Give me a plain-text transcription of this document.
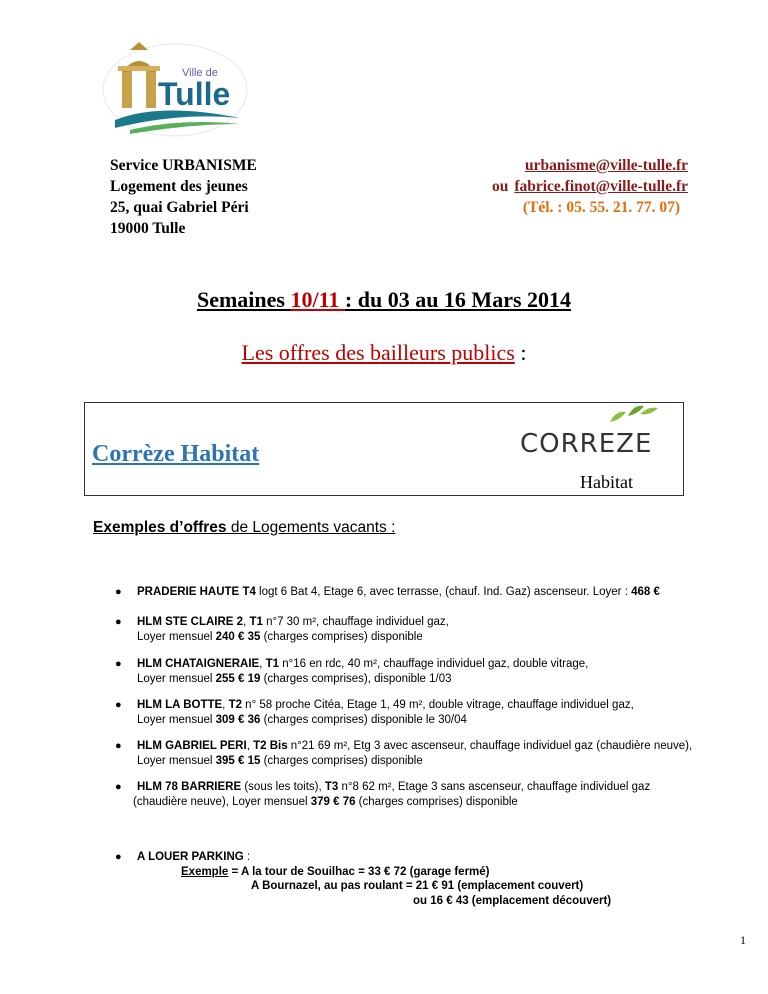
Ville de
Tulle
Service URBANISME
Logement des jeunes
25, quai Gabriel Péri
19000 Tulle
urbanisme@ville-tulle.fr
ou fabrice.finot@ville-tulle.fr
(Tél. : 05. 55. 21. 77. 07)
Semaines 10/11 : du 03 au 16 Mars 2014
Les offres des bailleurs publics :
Corrèze Habitat	CORREZE
Habitat
Exemples d’offres de Logements vacants :
● PRADERIE HAUTE T4 logt 6 Bat 4, Etage 6, avec terrasse, (chauf. Ind. Gaz) ascenseur. Loyer : 468 €
● HLM STE CLAIRE 2, T1 n°7 30 m², chauffage individuel gaz,
Loyer mensuel 240 € 35 (charges comprises) disponible
● HLM CHATAIGNERAIE, T1 n°16 en rdc, 40 m², chauffage individuel gaz, double vitrage,
Loyer mensuel 255 € 19 (charges comprises), disponible 1/03
● HLM LA BOTTE, T2 n° 58 proche Citéa, Etage 1, 49 m², double vitrage, chauffage individuel gaz,
Loyer mensuel 309 € 36 (charges comprises) disponible le 30/04
● HLM GABRIEL PERI, T2 Bis n°21 69 m², Etg 3 avec ascenseur, chauffage individuel gaz (chaudière neuve),
Loyer mensuel 395 € 15 (charges comprises) disponible
● HLM 78 BARRIERE (sous les toits), T3 n°8 62 m², Etage 3 sans ascenseur, chauffage individuel gaz
(chaudière neuve), Loyer mensuel 379 € 76 (charges comprises) disponible
● A LOUER PARKING :
Exemple = A la tour de Souilhac = 33 € 72 (garage fermé)
A Bournazel, au pas roulant = 21 € 91 (emplacement couvert)
ou 16 € 43 (emplacement découvert)
1
